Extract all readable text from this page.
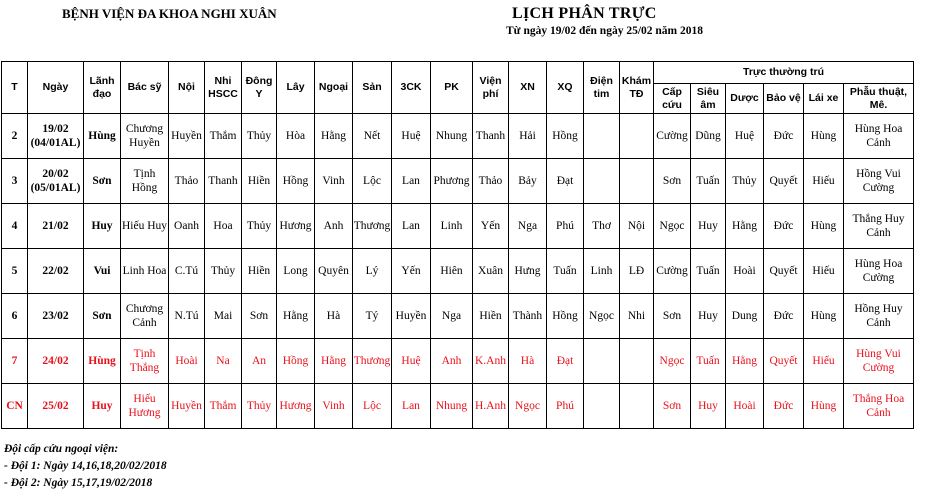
BỆNH VIỆN ĐA KHOA NGHI XUÂN	LỊCH PHÂN TRỰC
Từ ngày 19/02 đến ngày 25/02 năm 2018
T	Ngày	Lãnh đạo	Bác sỹ	Nội	Nhi HSCC	Đông Y	Lây	Ngoại	Sản	3CK	PK	Viện phí	XN	XQ	Điện tim	Khám TĐ	Trực thường trú					
																	Cấp cứu	Siêu âm	Dược	Bảo vệ	Lái xe	Phẫu thuật, Mê.
2	19/02 (04/01AL)	Hùng	Chương Huyền	Huyền	Thắm	Thủy	Hòa	Hằng	Nết	Huệ	Nhung	Thanh	Hải	Hồng			Cường	Dũng	Huệ	Đức	Hùng	Hùng Hoa Cảnh
3	20/02 (05/01AL)	Sơn	Tịnh Hồng	Thảo	Thanh	Hiền	Hồng	Vinh	Lộc	Lan	Phương	Thảo	Bảy	Đạt			Sơn	Tuấn	Thủy	Quyết	Hiếu	Hồng Vui Cường
4	21/02	Huy	Hiếu Huy	Oanh	Hoa	Thủy	Hương	Anh	Thương	Lan	Linh	Yến	Nga	Phú	Thơ	Nội	Ngọc	Huy	Hằng	Đức	Hùng	Thắng Huy Cảnh
5	22/02	Vui	Linh Hoa	C.Tú	Thủy	Hiền	Long	Quyên	Lý	Yến	Hiên	Xuân	Hưng	Tuấn	Linh	LĐ	Cường	Tuấn	Hoài	Quyết	Hiếu	Hùng Hoa Cường
6	23/02	Sơn	Chương Cảnh	N.Tú	Mai	Sơn	Hằng	Hà	Tý	Huyền	Nga	Hiền	Thành	Hồng	Ngọc	Nhi	Sơn	Huy	Dung	Đức	Hùng	Hồng Huy Cảnh
7	24/02	Hùng	Tịnh Thắng	Hoài	Na	An	Hồng	Hằng	Thương	Huệ	Anh	K.Anh	Hà	Đạt			Ngọc	Tuấn	Hằng	Quyết	Hiếu	Hùng Vui Cường
CN	25/02	Huy	Hiếu Hương	Huyền	Thắm	Thủy	Hương	Vinh	Lộc	Lan	Nhung	H.Anh	Ngọc	Phú			Sơn	Huy	Hoài	Đức	Hùng	Thắng Hoa Cảnh
Đội cấp cứu ngoại viện:
- Đội 1: Ngày 14,16,18,20/02/2018
- Đội 2: Ngày 15,17,19/02/2018
